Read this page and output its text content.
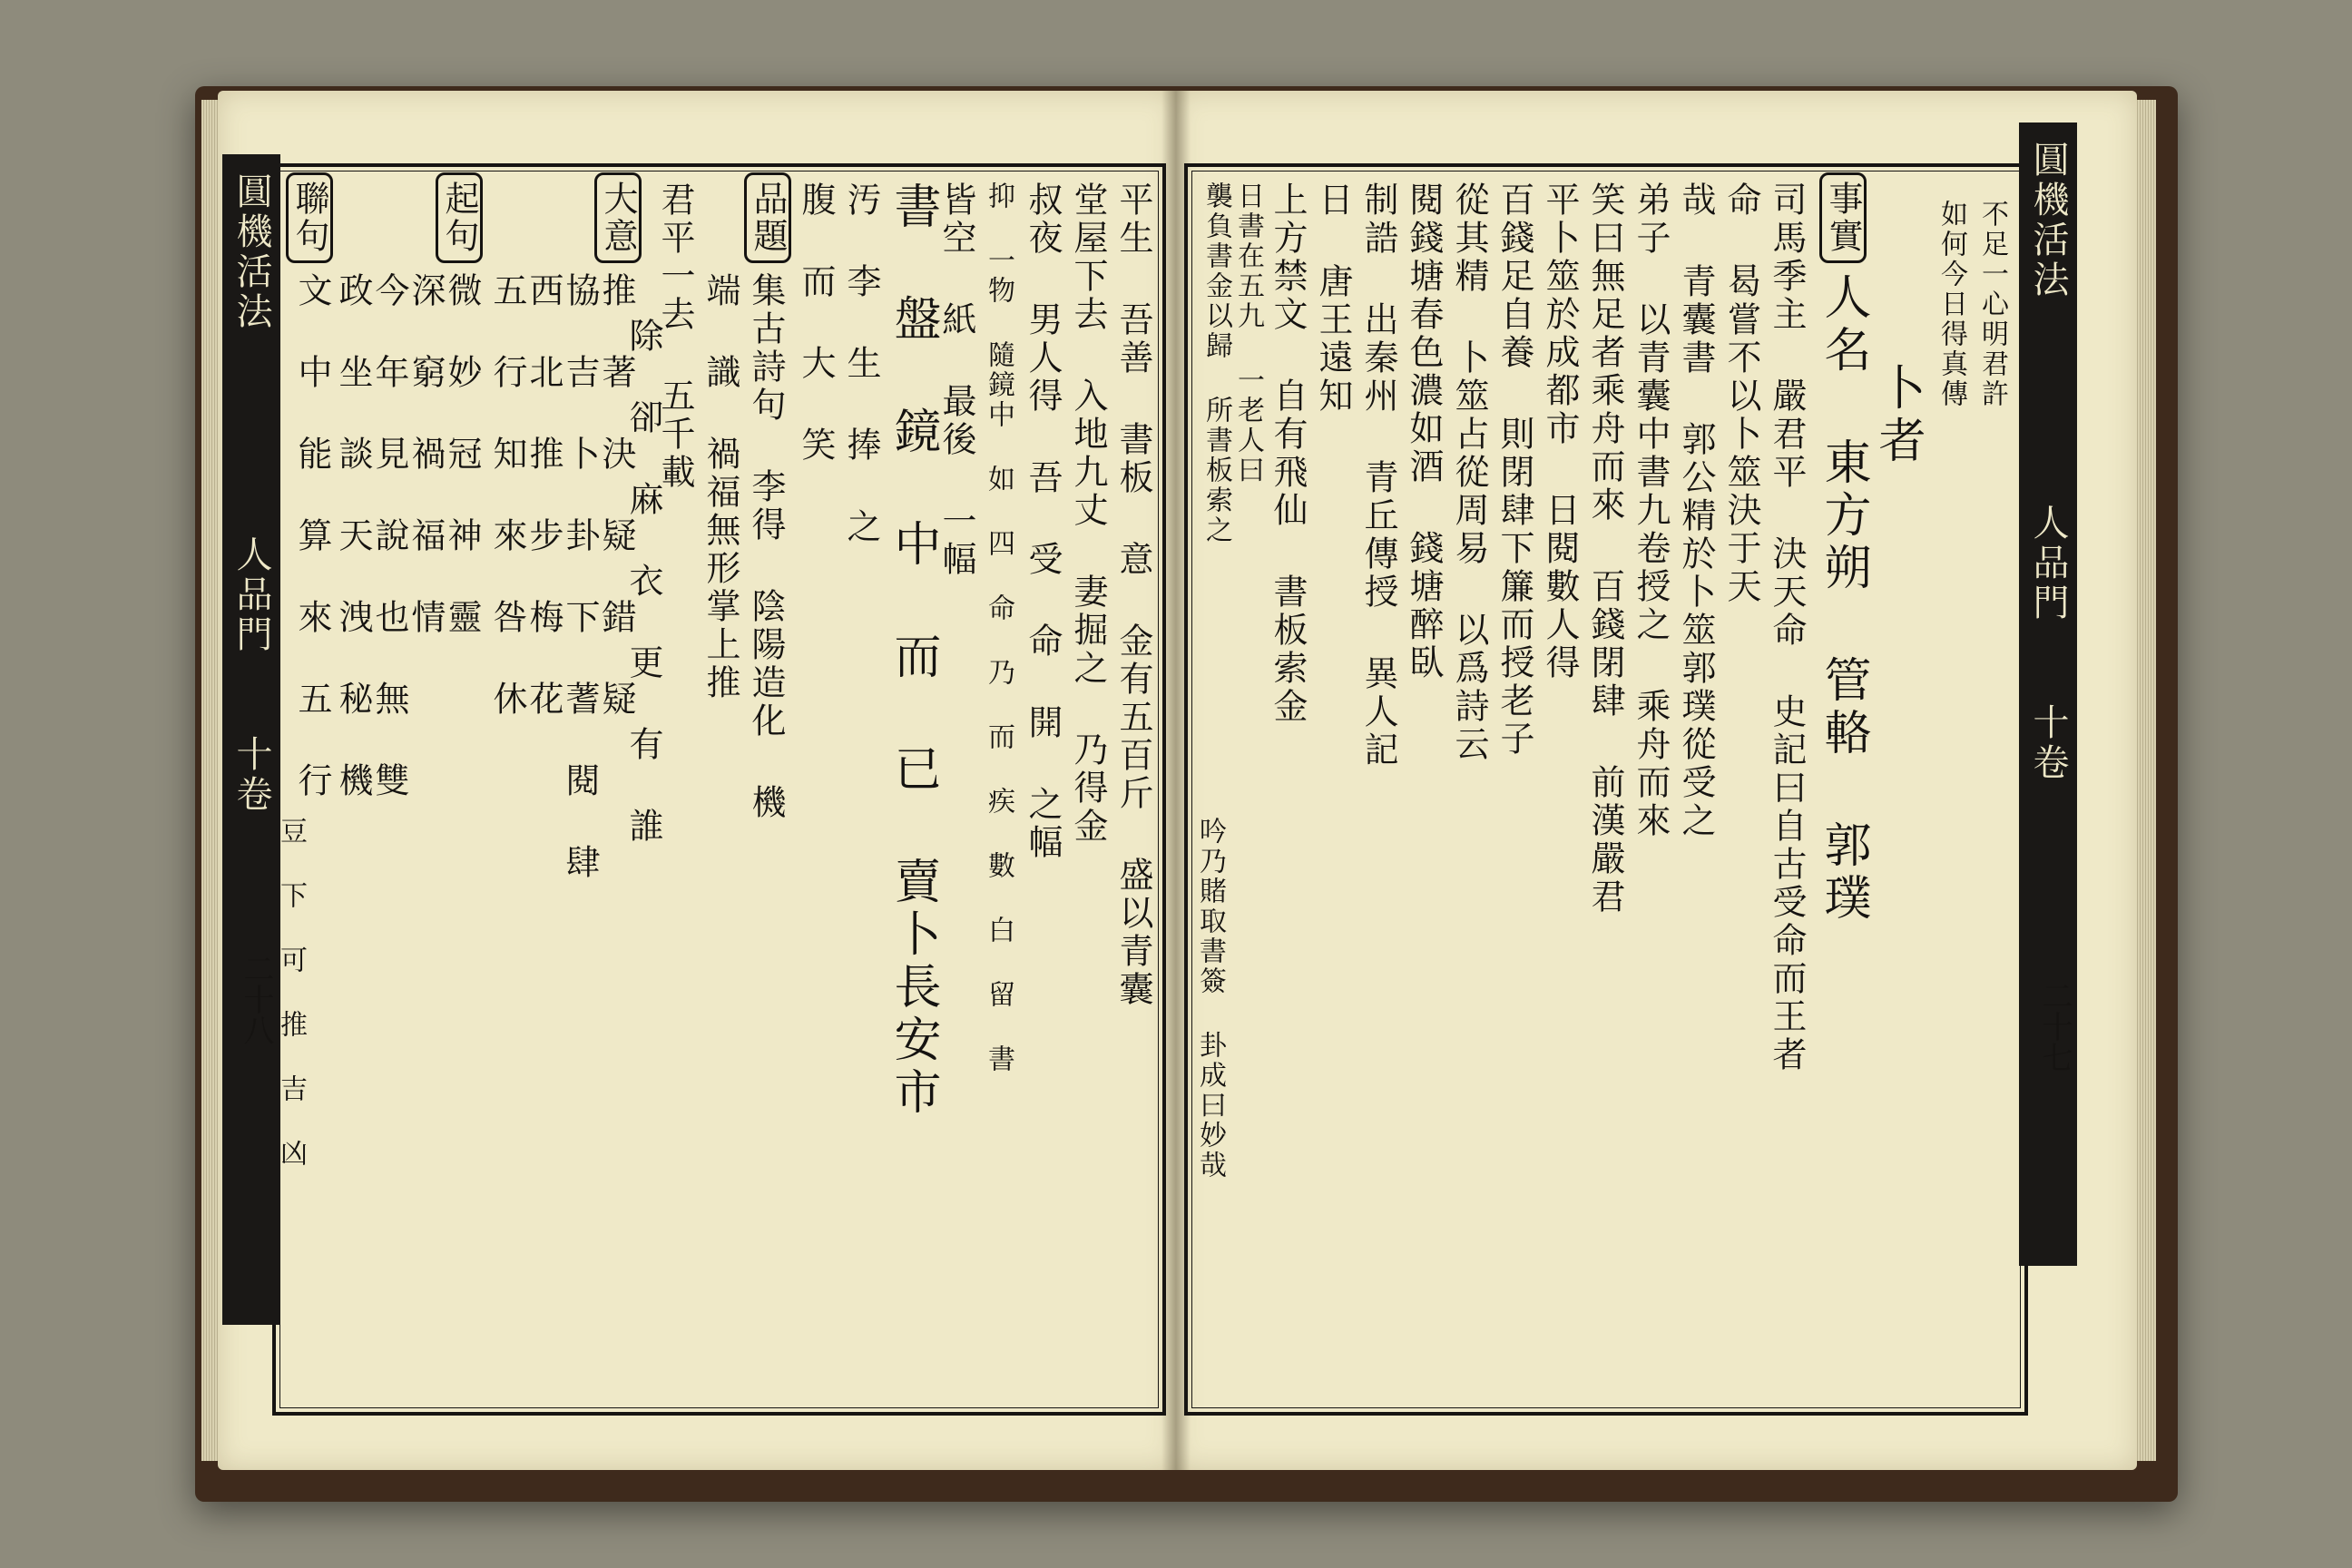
圓機活法
人品門
十卷
二十七
不足一心明君許
如何今日得真傳
卜者
事實
人名 東方朔 管輅 郭璞
司馬季主 嚴君平 決天命 史記曰自古受命而王者
命 曷嘗不以卜筮決于天
哉 青囊書 郭公精於卜筮郭璞從受之
弟子 以青囊中書九卷授之 乘舟而來
笑曰無足者乘舟而來 百錢閉肆 前漢嚴君
平卜筮於成都市 日閱數人得
百錢足自養 則閉肆下簾而授老子
從其精 卜筮占從周易 以爲詩云
閱錢塘春色濃如酒 錢塘醉臥
制誥 出秦州 青丘傳授 異人記
日 唐王遠知
上方禁文 自有飛仙 書板索金
日書在五九 一老人曰
襲負書金以歸 所書板索之
吟乃賭取書簽 卦成曰妙哉
圓機活法
人品門
十卷
二十八
品題
大意
起句
聯句	平生 吾善 書板 意 金有五百斤 盛以青囊
堂屋下去 入地九丈 妻掘之 乃得金
叔夜 男人得 吾 受 命 開 之幅
抑 一物 隨鏡中 如 四 命 乃 而 疾 數 白 留 書
皆空 紙 最後 一幅
書 盤 鏡 中 而 已 賣卜長安市
汚 李 生 捧 之
腹 而 大 笑
集古詩句 李得 陰陽造化 機
端 識 禍福無形掌上推
君平一去 五千載
除 卻 麻 衣 更 有 誰
推 著 決 疑 錯 疑
協 吉 卜 卦 下 蓍 閱 肆
西 北 推 步 梅 花
五 行 知 來 咎 休
微 妙 冠 神 靈
深 窮 禍 福 情
今 年 見 說 也 無 雙
政 坐 談 天 洩 秘 機
文 中 能 算 來 五 行
豆 下 可 推 吉 凶
